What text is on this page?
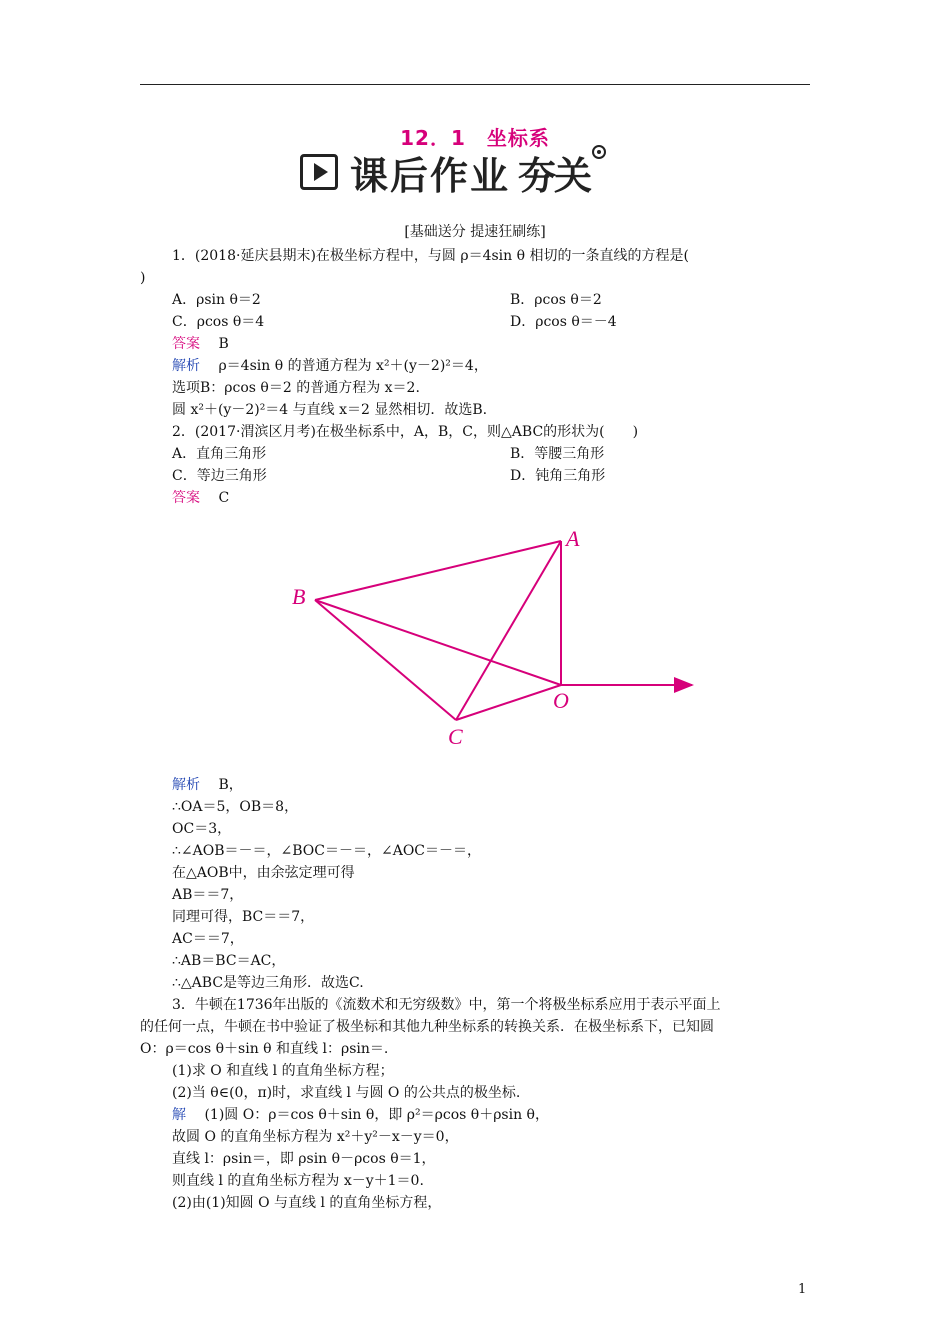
12．1　坐标系
课后作业 夯关
[基础送分 提速狂刷练]
1．(2018·延庆县期末)在极坐标方程中，与圆 ρ＝4sin θ 相切的一条直线的方程是(
)
A．ρsin θ＝2	B．ρcos θ＝2
C．ρcos θ＝4	D．ρcos θ＝－4
答案 B
解析 ρ＝4sin θ 的普通方程为 x²＋(y－2)²＝4，
选项B：ρcos θ＝2 的普通方程为 x＝2.
圆 x²＋(y－2)²＝4 与直线 x＝2 显然相切．故选B.
2．(2017·渭滨区月考)在极坐标系中，A，B，C，则△ABC的形状为(　　)
A．直角三角形	B．等腰三角形
C．等边三角形	D．钝角三角形
答案 C
A
B
C
O
解析 B，
∴OA＝5，OB＝8，
OC＝3，
∴∠AOB＝－＝，∠BOC＝－＝，∠AOC＝－＝，
在△AOB中，由余弦定理可得
AB＝＝7，
同理可得，BC＝＝7，
AC＝＝7，
∴AB＝BC＝AC，
∴△ABC是等边三角形．故选C.
3．牛顿在1736年出版的《流数术和无穷级数》中，第一个将极坐标系应用于表示平面上
的任何一点，牛顿在书中验证了极坐标和其他九种坐标系的转换关系．在极坐标系下，已知圆
O：ρ＝cos θ＋sin θ 和直线 l：ρsin＝.
(1)求 O 和直线 l 的直角坐标方程；
(2)当 θ∈(0，π)时，求直线 l 与圆 O 的公共点的极坐标.
解 (1)圆 O：ρ＝cos θ＋sin θ，即 ρ²＝ρcos θ＋ρsin θ，
故圆 O 的直角坐标方程为 x²＋y²－x－y＝0，
直线 l：ρsin＝，即 ρsin θ－ρcos θ＝1，
则直线 l 的直角坐标方程为 x－y＋1＝0.
(2)由(1)知圆 O 与直线 l 的直角坐标方程，
1
